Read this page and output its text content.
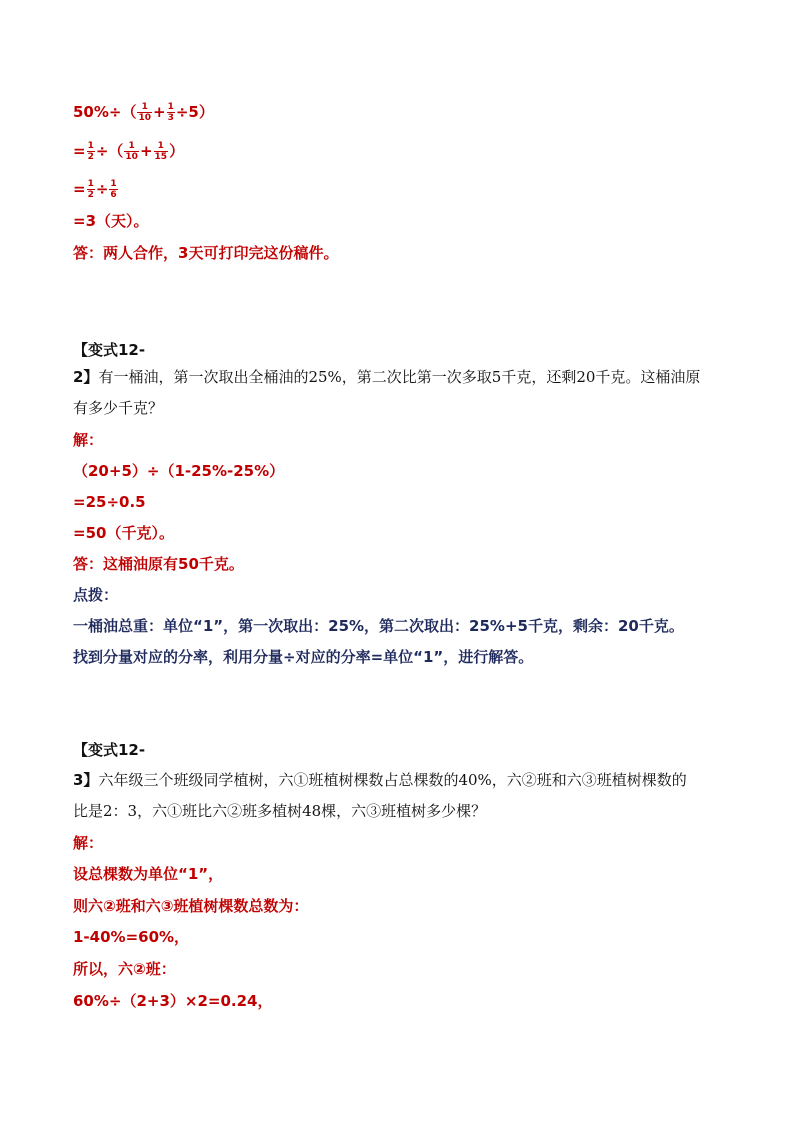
$50\%\div( \frac{1}{10} + \frac{1}{3} \div 5)$
= $\frac{1}{2}$ ÷（ $\frac{1}{10} + \frac{1}{15}$ ）
= $\frac{1}{2} \div \frac{1}{6}$
=3（天）。
答：两人合作，3天可打印完这份稿件。
【变式12-
2】有一桶油，第一次取出全桶油的25%，第二次比第一次多取5千克，还剩20千克。这桶油原
有多少千克？
解：
（20+5）÷（1-25%-25%）
=25÷0.5
=50（千克）。
答：这桶油原有50千克。
点拨：
一桶油总重：单位“1”，第一次取出：25%，第二次取出：25%+5千克，剩余：20千克。
找到分量对应的分率，利用分量÷对应的分率=单位“1”，进行解答。
【变式12-
3】六年级三个班级同学植树，六①班植树棵数占总棵数的40%，六②班和六③班植树棵数的
比是2：3，六①班比六②班多植树48棵，六③班植树多少棵？
解：
设总棵数为单位“1”，
则六②班和六③班植树棵数总数为：
1-40%=60%，
所以，六②班：
60%÷（2+3）×2=0.24，
